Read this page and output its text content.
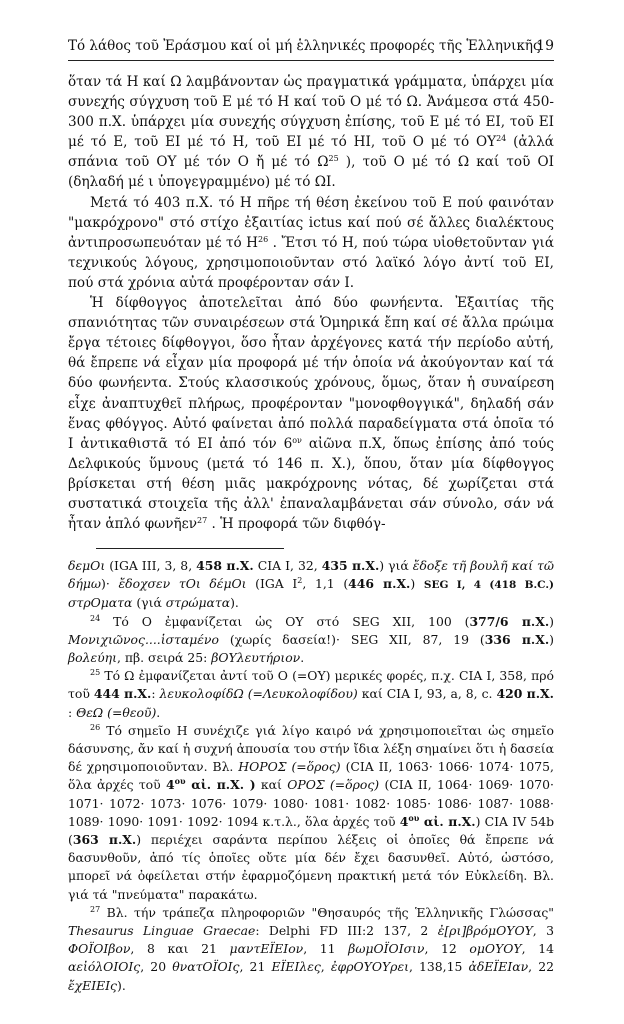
Τό λάθος τοῦ Ἐράσμου καί οἱ μή ἑλληνικές προφορές τῆς Ἑλληνικῆς
19

ὅταν τά Η καί Ω λαμβάνονταν ὡς πραγματικά γράμματα, ὑπάρχει μία συνεχής σύγχυση τοῦ Ε μέ τό Η καί τοῦ Ο μέ τό Ω. Ἀνάμεσα στά 450-300 π.Χ. ὑπάρχει μία συνεχής σύγχυση ἐπίσης, τοῦ Ε μέ τό ΕΙ, τοῦ ΕΙ μέ τό Ε, τοῦ ΕΙ μέ τό Η, τοῦ ΕΙ μέ τό ΗΙ, τοῦ Ο μέ τό ΟΥ$^{24}$ (ἀλλά σπάνια τοῦ ΟΥ μέ τόν Ο ἤ μέ τό $\Omega^{25}$ ), τοῦ Ο μέ τό Ω καί τοῦ ΟΙ (δηλαδή μέ ι ὑπογεγραμμένο) μέ τό ΩΙ.

Μετά τό 403 π.Χ. τό Η πῆρε τή θέση ἐκείνου τοῦ Ε πού φαινόταν "μακρόχρονο" στό στίχο ἐξαιτίας ictus καί πού σέ ἄλλες διαλέκτους ἀντιπροσωπευόταν μέ τό $H^{26}$ . Ἔτσι τό Η, πού τώρα υἱοθετοῦνταν γιά τεχνικούς λόγους, χρησιμοποιοῦνταν στό λαϊκό λόγο ἀντί τοῦ ΕΙ, πού στά χρόνια αὐτά προφέρονταν σάν Ι.

Ἡ δίφθογγος ἀποτελεῖται ἀπό δύο φωνήεντα. Ἐξαιτίας τῆς σπανιότητας τῶν συναιρέσεων στά Ὁμηρικά ἔπη καί σέ ἄλλα πρώιμα ἔργα τέτοιες δίφθογγοι, ὅσο ἦταν ἀρχέγονες κατά τήν περίοδο αὐτή, θά ἔπρεπε νά εἶχαν μία προφορά μέ τήν ὁποία νά ἀκούγονταν καί τά δύο φωνήεντα. Στούς κλασσικούς χρόνους, ὅμως, ὅταν ἡ συναίρεση εἶχε ἀναπτυχθεῖ πλήρως, προφέρονταν "μονοφθογγικά", δηλαδή σάν ἕνας φθόγγος. Αὐτό φαίνεται ἀπό πολλά παραδείγματα στά ὁποῖα τό Ι ἀντικαθιστᾶ τό ΕΙ ἀπό τόν $6^{o\nu}$ αἰῶνα π.Χ, ὅπως ἐπίσης ἀπό τούς Δελφικούς ὕμνους (μετά τό 146 π. Χ.), ὅπου, ὅταν μία δίφθογγος βρίσκεται στή θέση μιᾶς μακρόχρονης νότας, δέ χωρίζεται στά συστατικά στοιχεῖα τῆς ἀλλ' ἐπαναλαμβάνεται σάν σύνολο, σάν νά ἦταν ἁπλό φωνῆεν$^{27}$ . Ἡ προφορά τῶν διφθόγ-

δεμΟι (IGA III, 3, 8, 458 π.Χ. CIA I, 32, 435 π.Χ.) γιά ἔδοξε τῆ βουλῆ καί τῶ δήμω)· ἔδοχσεν τΟι δέμΟι (IGA $I^2$, 1,1 (446 π.Χ.) SEG I, 4 (418 B.C.) στρΟματα (γιά στρώματα).

$^{24}$ Τό Ο ἐμφανίζεται ὡς ΟΥ στό SEG XII, 100 (377/6 π.Χ.) Μονιχιῶνος....ἱσταμένο (χωρίς δασεία!)· SEG XII, 87, 19 (336 π.Χ.) βολεύηι, πβ. σειρά 25: βΟΥλευτήριον.

$^{25}$ Τό Ω ἐμφανίζεται ἀντί τοῦ Ο (=ΟΥ) μερικές φορές, π.χ. CIA I, 358, πρό τοῦ 444 π.Χ.: λευκολοφίδΩ (=Λευκολοφίδου) καί CIA I, 93, a, 8, c. 420 π.Χ. : ΘεΩ (=θεοῦ).

$^{26}$ Τό σημεῖο Η συνέχιζε γιά λίγο καιρό νά χρησιμοποιεῖται ὡς σημεῖο δάσυνσης, ἄν καί ἡ συχνή ἀπουσία του στήν ἴδια λέξη σημαίνει ὅτι ἡ δασεία δέ χρησιμοποιοῦνταν. Βλ. ΗΟΡΟΣ (=ὅρος) (CIA II, 1063· 1066· 1074· 1075, ὅλα ἀρχές τοῦ $4^{o\upsilon}$ αἰ. π.Χ. ) καί ΟΡΟΣ (=ὅρος) (CIA II, 1064· 1069· 1070· 1071· 1072· 1073· 1076· 1079· 1080· 1081· 1082· 1085· 1086· 1087· 1088· 1089· 1090· 1091· 1092· 1094 κ.τ.λ., ὅλα ἀρχές τοῦ $4^{o\upsilon}$ αἰ. π.Χ.) CIA IV 54b (363 π.Χ.) περιέχει σαράντα περίπου λέξεις οἱ ὁποῖες θά ἔπρεπε νά δασυνθοῦν, ἀπό τίς ὁποῖες οὔτε μία δέν ἔχει δασυνθεῖ. Αὐτό, ὡστόσο, μπορεῖ νά ὀφείλεται στήν ἐφαρμοζόμενη πρακτική μετά τόν Εὐκλείδη. Βλ. γιά τά "πνεύματα" παρακάτω.

$^{27}$ Βλ. τήν τράπεζα πληροφοριῶν "Θησαυρός τῆς Ἑλληνικῆς Γλώσσας" Thesaurus Linguae Graecae: Delphi FD III:2 137, 2 ἐ[ρι]βρόμΟΥΟΥ, 3 ΦΟΪΟΙβον, 8 και 21 μαντΕΪΕΙον, 11 βωμΟΪΟΙσιν, 12 ομΟΥΟΥ, 14 αεἰόλΟΙΟΙς, 20 θνατΟΪΟΙς, 21 ΕΪΕΙλες, ἐφρΟΥΟΥρει, 138,15 ἀδΕΪΕΙαν, 22 ἔχΕΙΕΙς).
